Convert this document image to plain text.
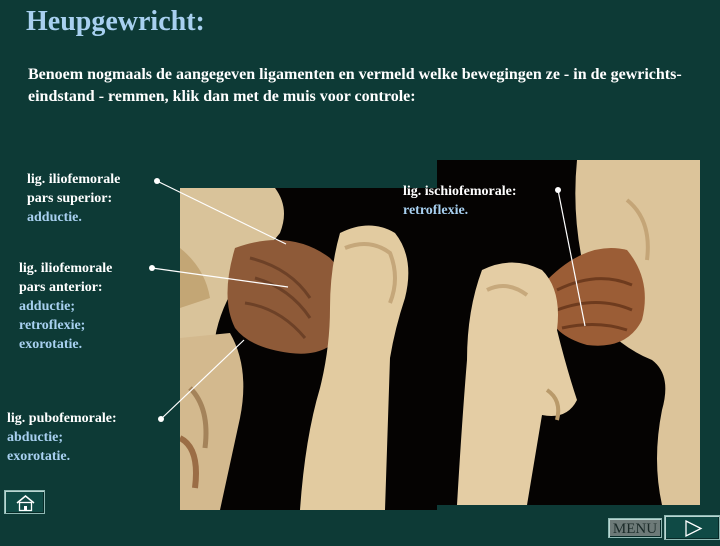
Heupgewricht:
Benoem nogmaals de aangegeven ligamenten en vermeld welke bewegingen ze - in de gewrichts-eindstand - remmen, klik dan met de muis voor controle:
lig. iliofemorale
pars superior:
adductie.
lig. iliofemorale
pars anterior:
adductie;
retroflexie;
exorotatie.
lig. pubofemorale:
abductie;
exorotatie.
lig. ischiofemorale:
retroflexie.
MENU
